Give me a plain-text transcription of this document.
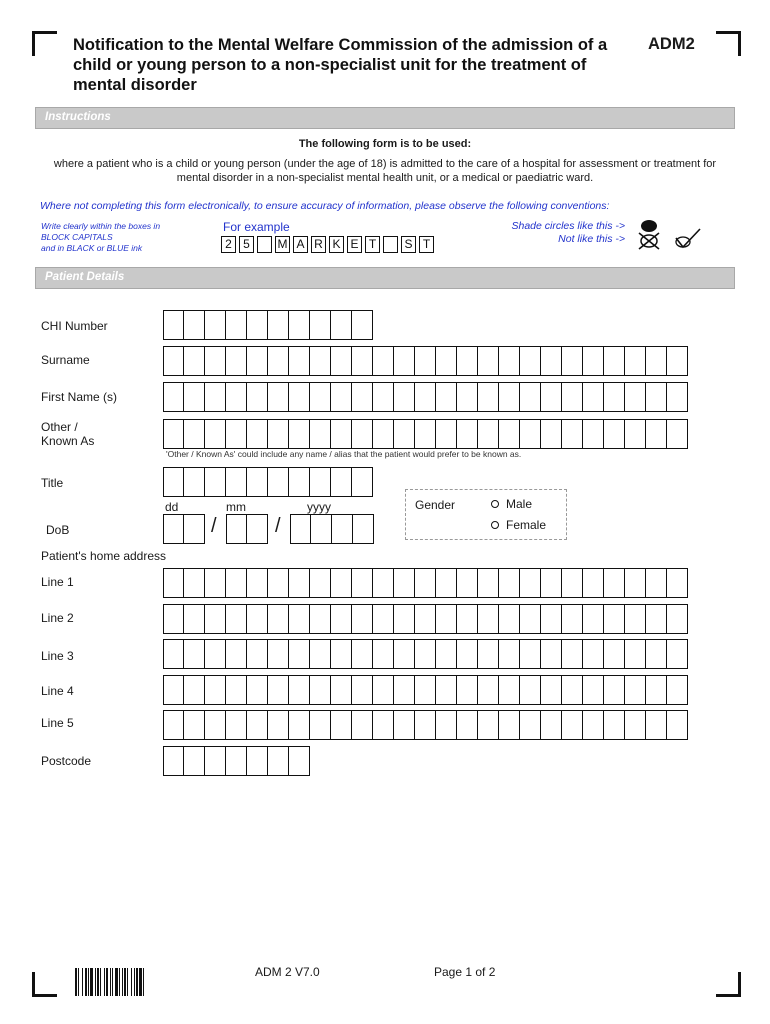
Notification to the Mental Welfare Commission of the admission of a child or young person to a non-specialist unit for the treatment of mental disorder
ADM2
Instructions
The following form is to be used:
where a patient who is a child or young person (under the age of 18) is admitted to the care of a hospital for assessment or treatment for mental disorder in a non-specialist mental health unit, or a medical or paediatric ward.
Where not completing this form electronically, to ensure accuracy of information, please observe the following conventions:
Write clearly within the boxes in
BLOCK CAPITALS
and in BLACK or BLUE ink
For example
2 5	M A R K E T	S T
Shade circles like this ->
Not like this ->
Patient Details
CHI Number
Surname
First Name (s)
Other /
Known As
'Other / Known As' could include any name / alias that the patient would prefer to be known as.
Title
dd	mm	yyyy
DoB	/	/
Gender	Male
Female
Patient's home address
Line 1
Line 2
Line 3
Line 4
Line 5
Postcode
ADM 2 V7.0	Page 1 of 2
